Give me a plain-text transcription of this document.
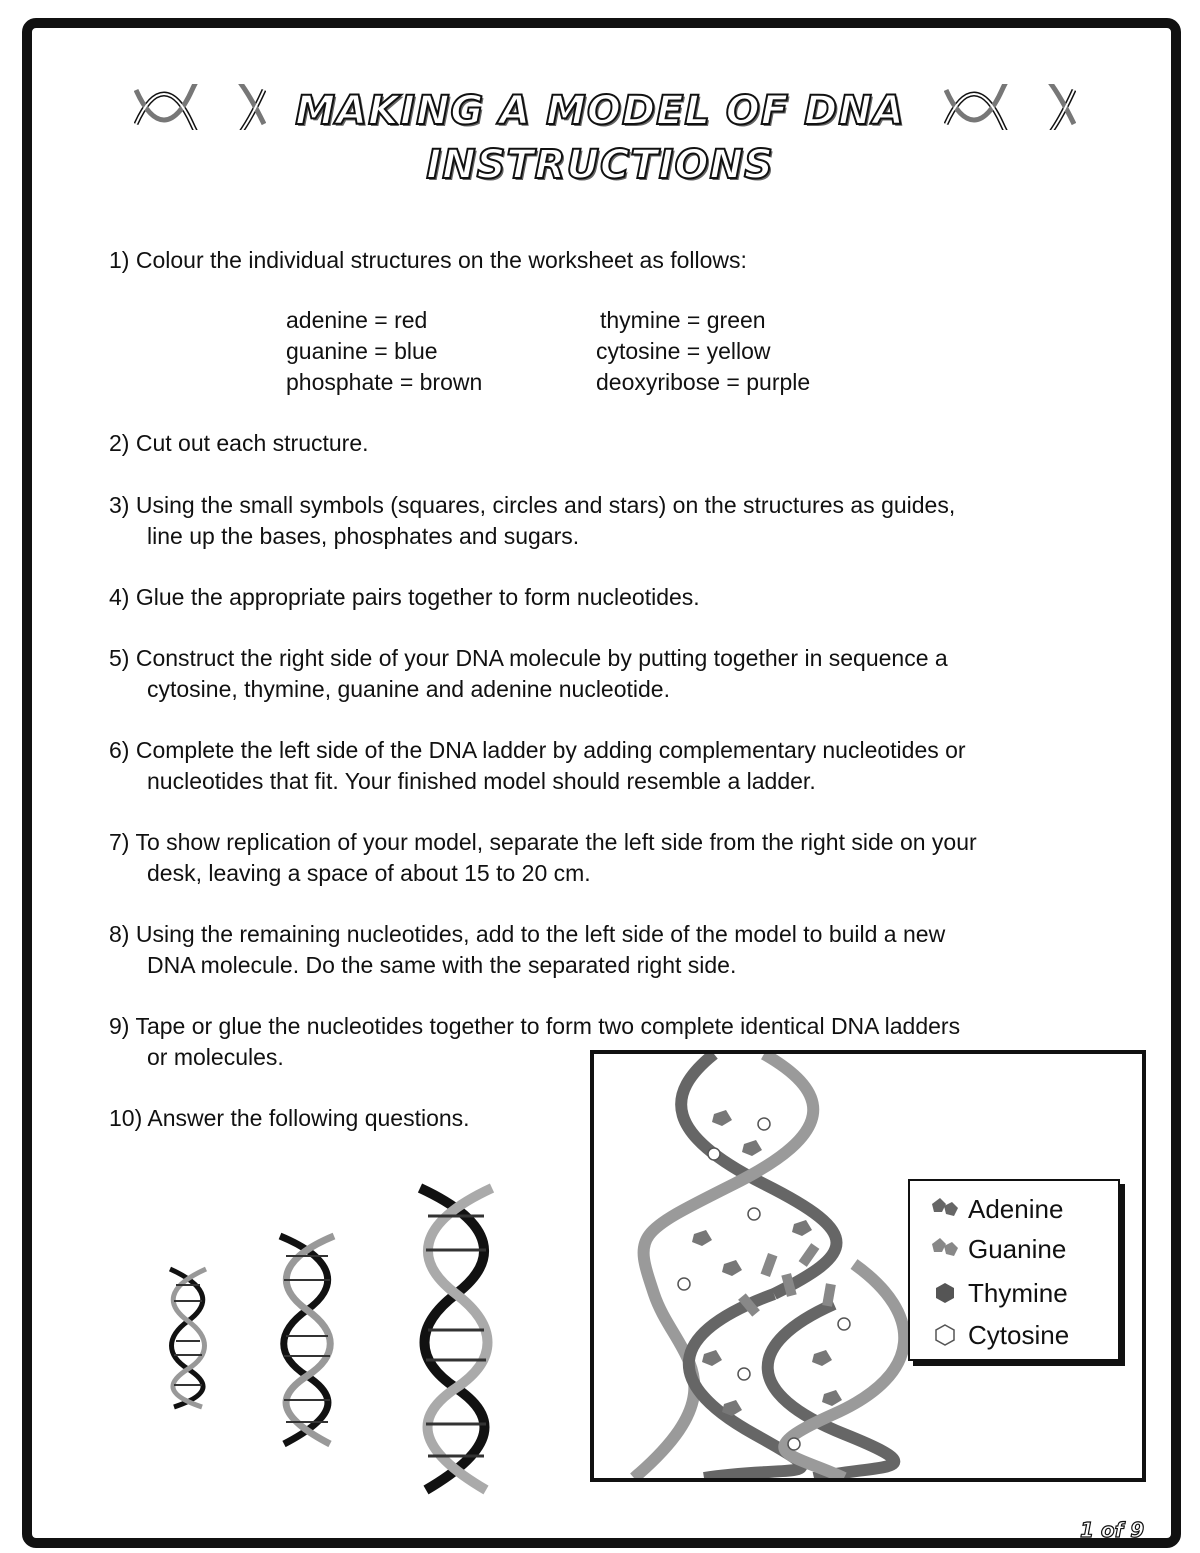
MAKING A MODEL OF DNA
INSTRUCTIONS
1) Colour the individual structures on the worksheet as follows:
adenine = red	thymine = green
guanine = blue	cytosine = yellow
phosphate = brown	deoxyribose = purple
2) Cut out each structure.
3) Using the small symbols (squares, circles and stars) on the structures as guides,
line up the bases, phosphates and sugars.
4) Glue the appropriate pairs together to form nucleotides.
5) Construct the right side of your DNA molecule by putting together in sequence a
cytosine, thymine, guanine and adenine nucleotide.
6) Complete the left side of the DNA ladder by adding complementary nucleotides or
nucleotides that fit. Your finished model should resemble a ladder.
7) To show replication of your model, separate the left side from the right side on your
desk, leaving a space of about 15 to 20 cm.
8) Using the remaining nucleotides, add to the left side of the model to build a new
DNA molecule. Do the same with the separated right side.
9) Tape or glue the nucleotides together to form two complete identical DNA ladders
or molecules.
10) Answer the following questions.
Adenine
Guanine
Thymine
Cytosine
1 of 9
